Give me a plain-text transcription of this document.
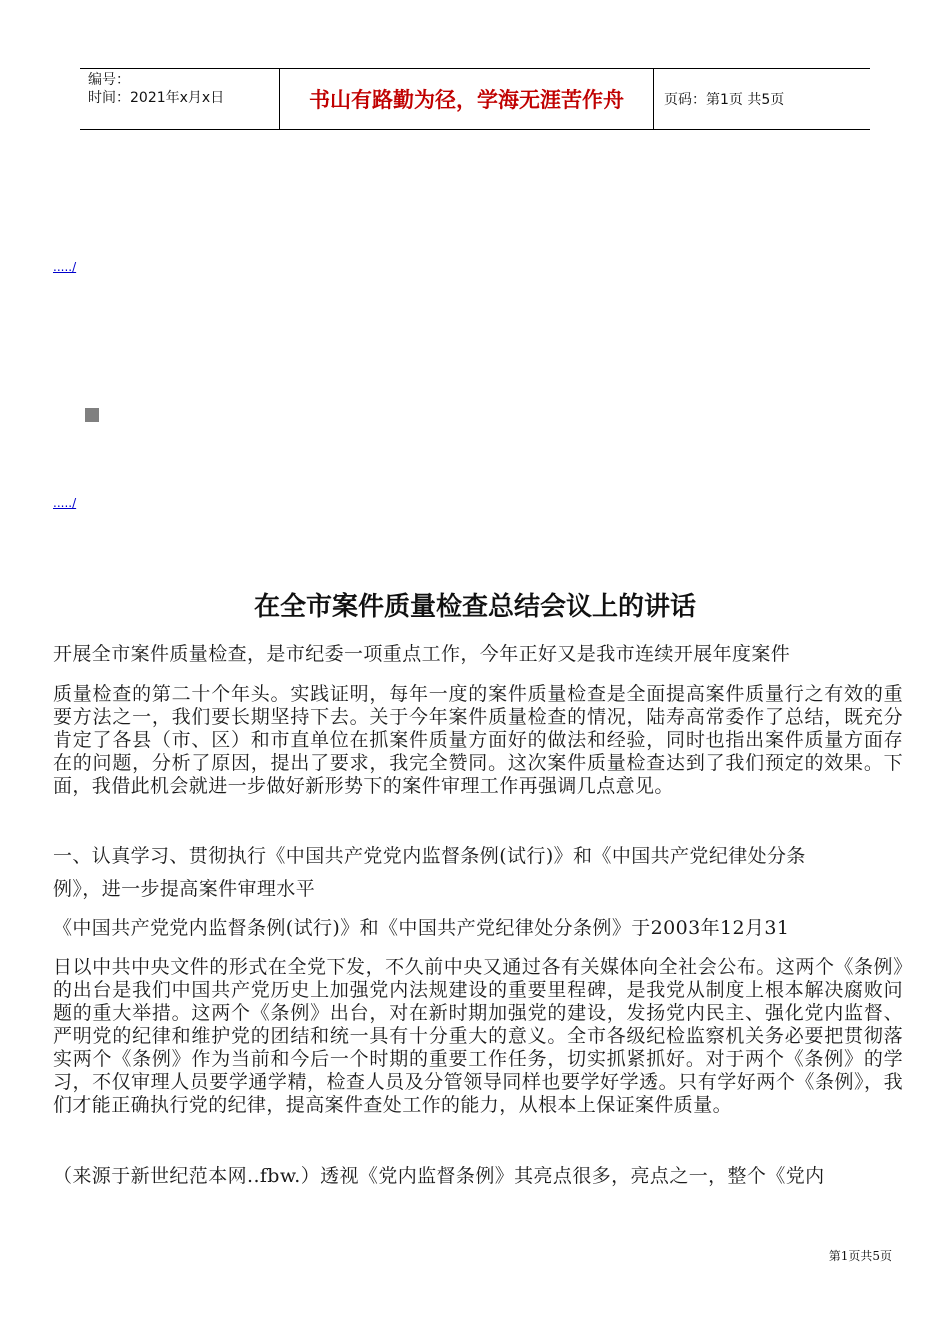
编号：
时间：2021年x月x日	书山有路勤为径，学海无涯苦作舟	页码：第1页 共5页
...../
...../
在全市案件质量检查总结会议上的讲话

开展全市案件质量检查，是市纪委一项重点工作，今年正好又是我市连续开展年度案件

质量检查的第二十个年头。实践证明，每年一度的案件质量检查是全面提高案件质量行之有效的重要方法之一，我们要长期坚持下去。关于今年案件质量检查的情况，陆寿高常委作了总结，既充分肯定了各县（市、区）和市直单位在抓案件质量方面好的做法和经验，同时也指出案件质量方面存在的问题，分析了原因，提出了要求，我完全赞同。这次案件质量检查达到了我们预定的效果。下面，我借此机会就进一步做好新形势下的案件审理工作再强调几点意见。

一、认真学习、贯彻执行《中国共产党党内监督条例(试行)》和《中国共产党纪律处分条

例》，进一步提高案件审理水平

《中国共产党党内监督条例(试行)》和《中国共产党纪律处分条例》于2003年12月31

日以中共中央文件的形式在全党下发，不久前中央又通过各有关媒体向全社会公布。这两个《条例》的出台是我们中国共产党历史上加强党内法规建设的重要里程碑，是我党从制度上根本解决腐败问题的重大举措。这两个《条例》出台，对在新时期加强党的建设，发扬党内民主、强化党内监督、严明党的纪律和维护党的团结和统一具有十分重大的意义。全市各级纪检监察机关务必要把贯彻落实两个《条例》作为当前和今后一个时期的重要工作任务，切实抓紧抓好。对于两个《条例》的学习，不仅审理人员要学通学精，检查人员及分管领导同样也要学好学透。只有学好两个《条例》，我们才能正确执行党的纪律，提高案件查处工作的能力，从根本上保证案件质量。

（来源于新世纪范本网..fbw.）透视《党内监督条例》其亮点很多，亮点之一，整个《党内

第1页共5页
